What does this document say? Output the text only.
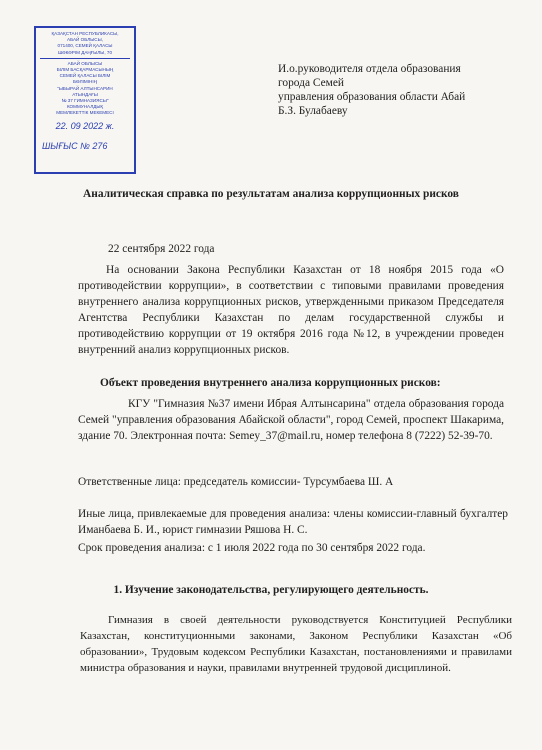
ҚАЗАҚСТАН РЕСПУБЛИКАСЫ,
АБАЙ ОБЛЫСЫ,
071400, СЕМЕЙ ҚАЛАСЫ
ШӘКӘРІМ ДАҢҒЫЛЫ, 70
АБАЙ ОБЛЫСЫ
БІЛІМ БАСҚАРМАСЫНЫҢ
СЕМЕЙ ҚАЛАСЫ БІЛІМ
БӨЛІМІНІҢ
"ЫБЫРАЙ АЛТЫНСАРИН
АТЫНДАҒЫ
№ 37 ГИМНАЗИЯСЫ"
КОММУНАЛДЫҚ
МЕМЛЕКЕТТІК МЕКЕМЕСІ
22. 09 2022 ж.
ШЫҒЫС № 276
И.о.руководителя отдела образования
города Семей
управления образования области Абай
Б.З. Булабаеву
Аналитическая справка по результатам анализа коррупционных рисков
22 сентября 2022 года
На основании Закона Республики Казахстан от 18 ноября 2015 года «О противодействии коррупции», в соответствии с типовыми правилами проведения внутреннего анализа коррупционных рисков, утвержденными приказом Председателя Агентства Республики Казахстан по делам государственной службы и противодействию коррупции от 19 октября 2016 года №12, в учреждении проведен внутренний анализ коррупционных рисков.
Объект проведения внутреннего анализа коррупционных рисков:
КГУ "Гимназия №37 имени Ибрая Алтынсарина" отдела образования города Семей "управления образования Абайской области", город Семей, проспект Шакарима, здание 70. Электронная почта: Semey_37@mail.ru, номер телефона 8 (7222) 52-39-70.
Ответственные лица: председатель комиссии- Турсумбаева Ш. А
Иные лица, привлекаемые для проведения анализа: члены комиссии-главный бухгалтер Иманбаева Б. И., юрист гимназии Ряшова Н. С.
Срок проведения анализа: с 1 июля 2022 года по 30 сентября 2022 года.
1. Изучение законодательства, регулирующего деятельность.
Гимназия в своей деятельности руководствуется Конституцией Республики Казахстан, конституционными законами, Законом Республики Казахстан «Об образовании», Трудовым кодексом Республики Казахстан, постановлениями и правилами министра образования и науки, правилами внутренней трудовой дисциплиной.
